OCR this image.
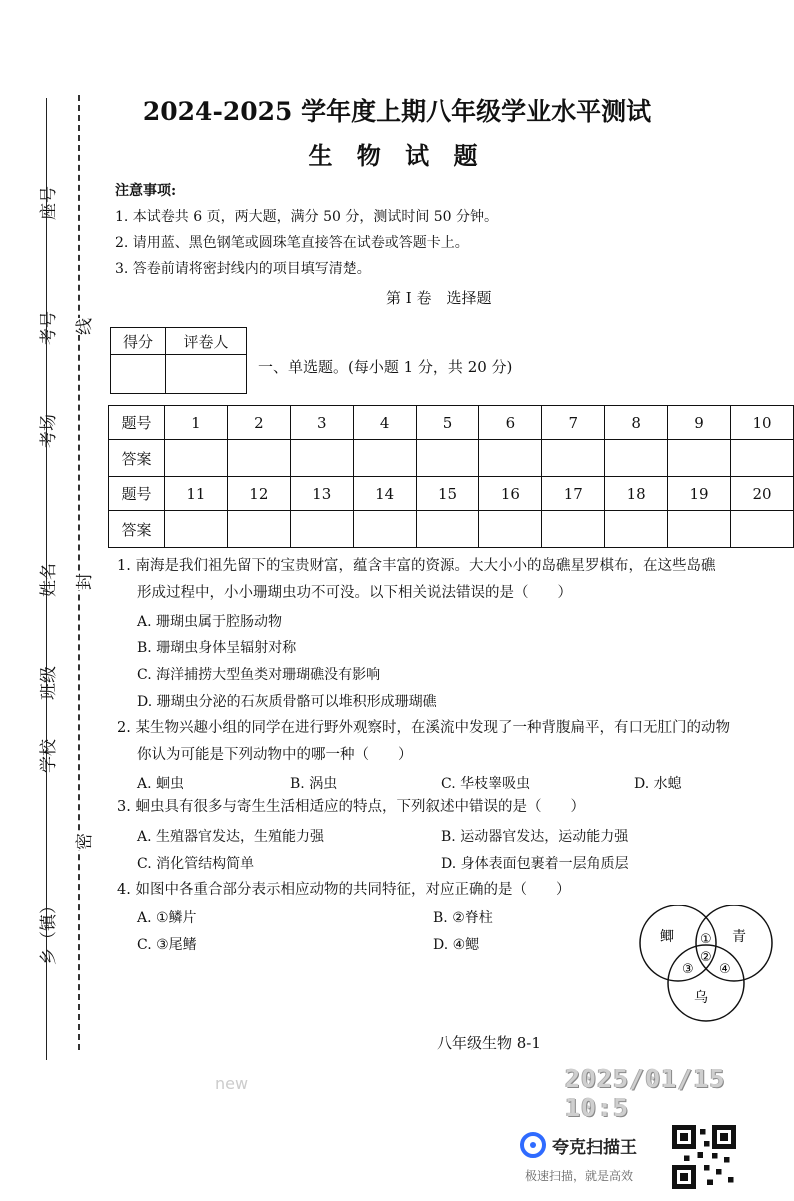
座号
考号
考场
姓名
班级
学校
乡（镇）
线
封
密
2024-2025 学年度上期八年级学业水平测试
生 物 试 题
注意事项:
1. 本试卷共 6 页，两大题，满分 50 分，测试时间 50 分钟。
2. 请用蓝、黑色钢笔或圆珠笔直接答在试卷或答题卡上。
3. 答卷前请将密封线内的项目填写清楚。
第 I 卷　选择题
得分	评卷人

一、单选题。(每小题 1 分，共 20 分)
题号	1	2	3	4	5	6	7	8	9	10
答案										
题号	11	12	13	14	15	16	17	18	19	20
答案										
1. 南海是我们祖先留下的宝贵财富，蕴含丰富的资源。大大小小的岛礁星罗棋布，在这些岛礁
形成过程中，小小珊瑚虫功不可没。以下相关说法错误的是（　　）
A. 珊瑚虫属于腔肠动物
B. 珊瑚虫身体呈辐射对称
C. 海洋捕捞大型鱼类对珊瑚礁没有影响
D. 珊瑚虫分泌的石灰质骨骼可以堆积形成珊瑚礁
2. 某生物兴趣小组的同学在进行野外观察时，在溪流中发现了一种背腹扁平，有口无肛门的动物
你认为可能是下列动物中的哪一种（　　）
A. 蛔虫	B. 涡虫	C. 华枝睾吸虫	D. 水螅
3. 蛔虫具有很多与寄生生活相适应的特点，下列叙述中错误的是（　　）
A. 生殖器官发达，生殖能力强	B. 运动器官发达，运动能力强
C. 消化管结构简单	D. 身体表面包裹着一层角质层
4. 如图中各重合部分表示相应动物的共同特征，对应正确的是（　　）
A. ①鳞片	B. ②脊柱
C. ③尾鳍	D. ④鳃	鲫	青
乌
①
②
③ ④
八年级生物 8-1
new	2025/01/15 10:5
夸克扫描王
极速扫描，就是高效
